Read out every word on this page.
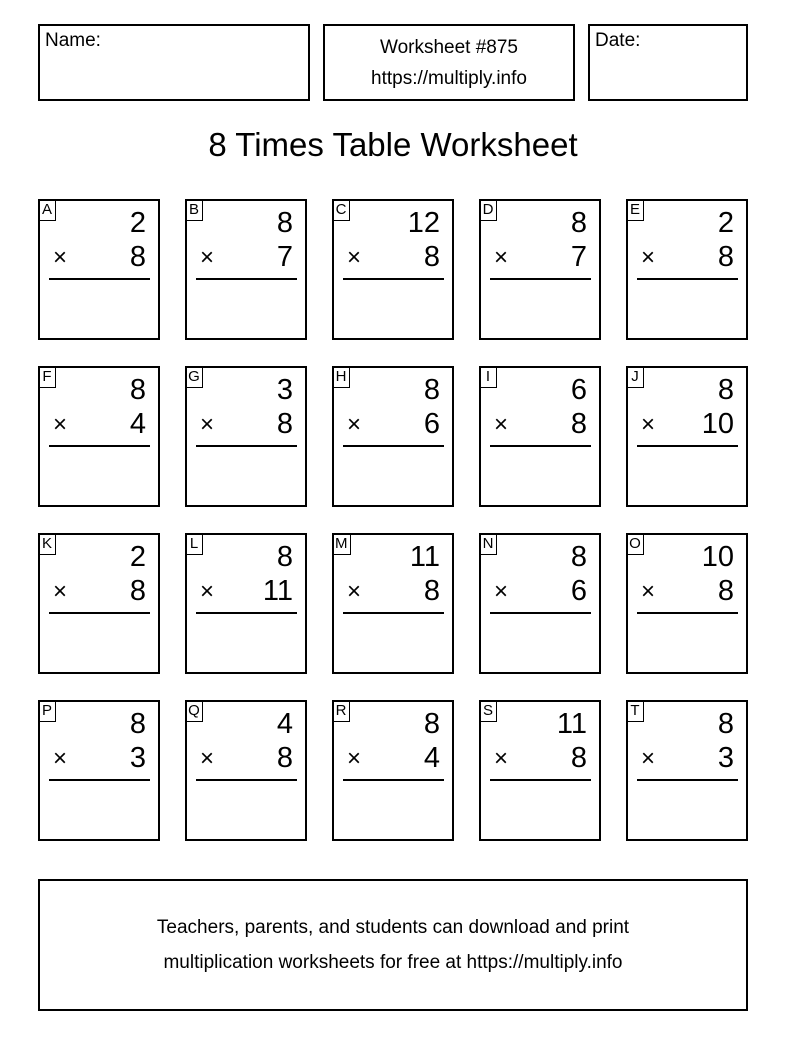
Name:	Worksheet #875
https://multiply.info
Date:
8 Times Table Worksheet
A	2
× 8
B	8
× 7
C 12
× 8
D	8
× 7
E	2
× 8
F	8
× 4
G	3
× 8
H	8
× 6
I	6
× 8
J	8
× 10
K	2
× 8
L	8
× 11
M 11
× 8
N	8
× 6
O 10
× 8
P	8
× 3
Q	4
× 8
R	8
× 4
S 11
× 8
T	8
× 3
Teachers, parents, and students can download and print
multiplication worksheets for free at https://multiply.info
